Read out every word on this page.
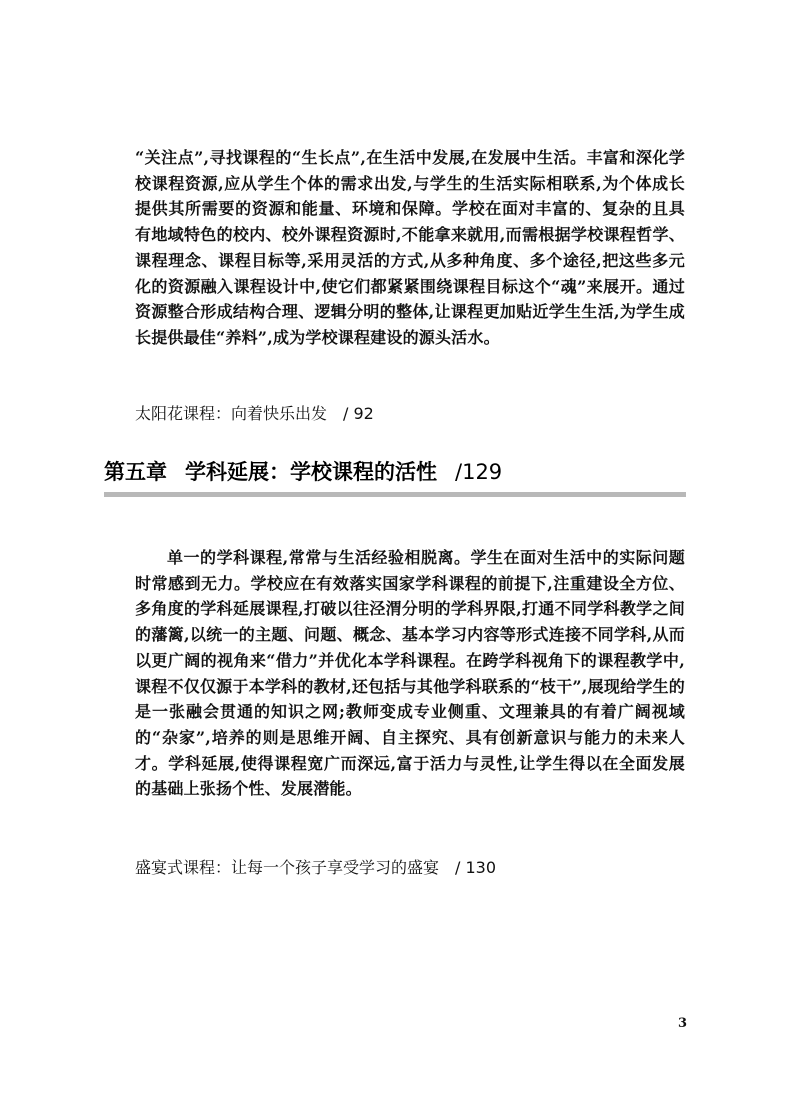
“关注点”,寻找课程的“生长点”,在生活中发展,在发展中生活。丰富和深化学校课程资源,应从学生个体的需求出发,与学生的生活实际相联系,为个体成长提供其所需要的资源和能量、环境和保障。学校在面对丰富的、复杂的且具有地域特色的校内、校外课程资源时,不能拿来就用,而需根据学校课程哲学、课程理念、课程目标等,采用灵活的方式,从多种角度、多个途径,把这些多元化的资源融入课程设计中,使它们都紧紧围绕课程目标这个“魂”来展开。通过资源整合形成结构合理、逻辑分明的整体,让课程更加贴近学生生活,为学生成长提供最佳“养料”,成为学校课程建设的源头活水。

太阳花课程：向着快乐出发 / 92
第五章 学科延展：学校课程的活性 /129

单一的学科课程,常常与生活经验相脱离。学生在面对生活中的实际问题时常感到无力。学校应在有效落实国家学科课程的前提下,注重建设全方位、多角度的学科延展课程,打破以往泾渭分明的学科界限,打通不同学科教学之间的藩篱,以统一的主题、问题、概念、基本学习内容等形式连接不同学科,从而以更广阔的视角来“借力”并优化本学科课程。在跨学科视角下的课程教学中,课程不仅仅源于本学科的教材,还包括与其他学科联系的“枝干”,展现给学生的是一张融会贯通的知识之网;教师变成专业侧重、文理兼具的有着广阔视域的“杂家”,培养的则是思维开阔、自主探究、具有创新意识与能力的未来人才。学科延展,使得课程宽广而深远,富于活力与灵性,让学生得以在全面发展的基础上张扬个性、发展潜能。

盛宴式课程：让每一个孩子享受学习的盛宴 / 130
3
